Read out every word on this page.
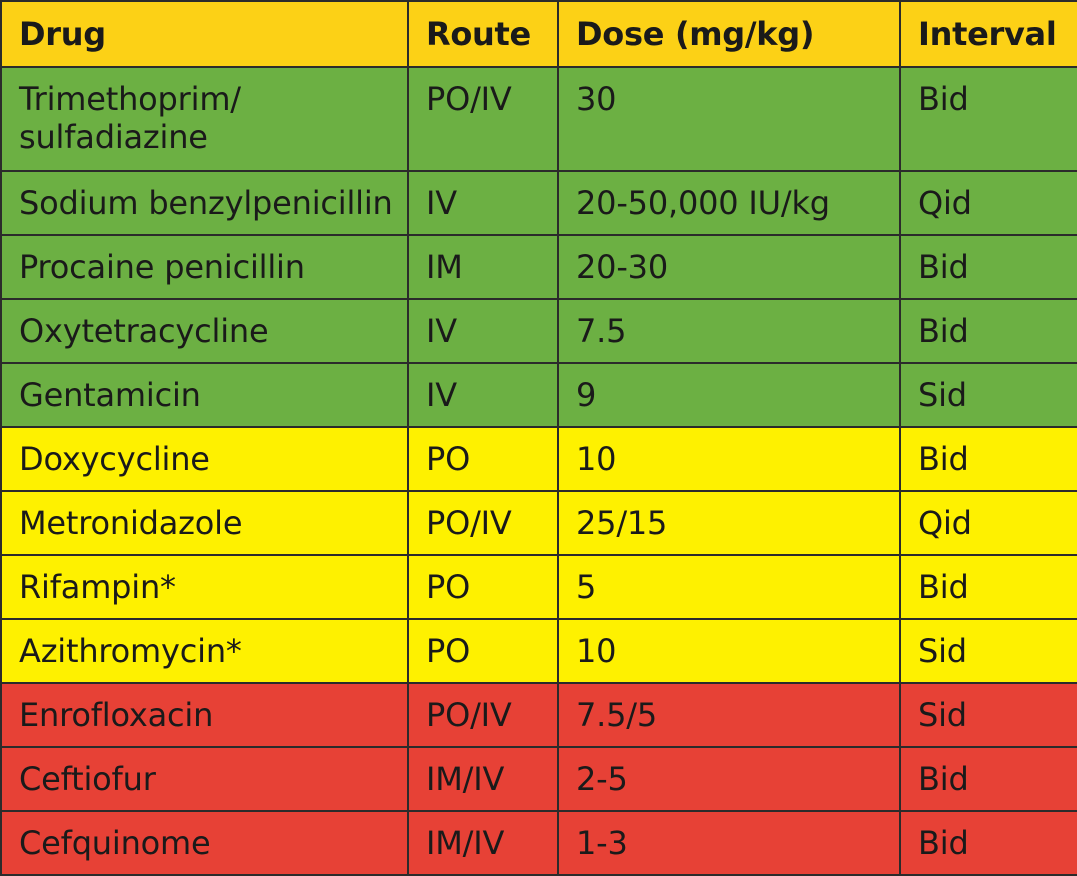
Drug	Route	Dose (mg/kg)	Interval

Trimethoprim/
sulfadiazine	PO/IV	30	Bid

Sodium benzylpenicillin	IV	20-50,000 IU/kg	Qid

Procaine penicillin	IM	20-30	Bid

Oxytetracycline	IV	7.5	Bid

Gentamicin	IV	9	Sid

Doxycycline	PO	10	Bid

Metronidazole	PO/IV	25/15	Qid

Rifampin*	PO	5	Bid

Azithromycin*	PO	10	Sid

Enrofloxacin	PO/IV	7.5/5	Sid

Ceftiofur	IM/IV	2-5	Bid

Cefquinome	IM/IV	1-3	Bid
